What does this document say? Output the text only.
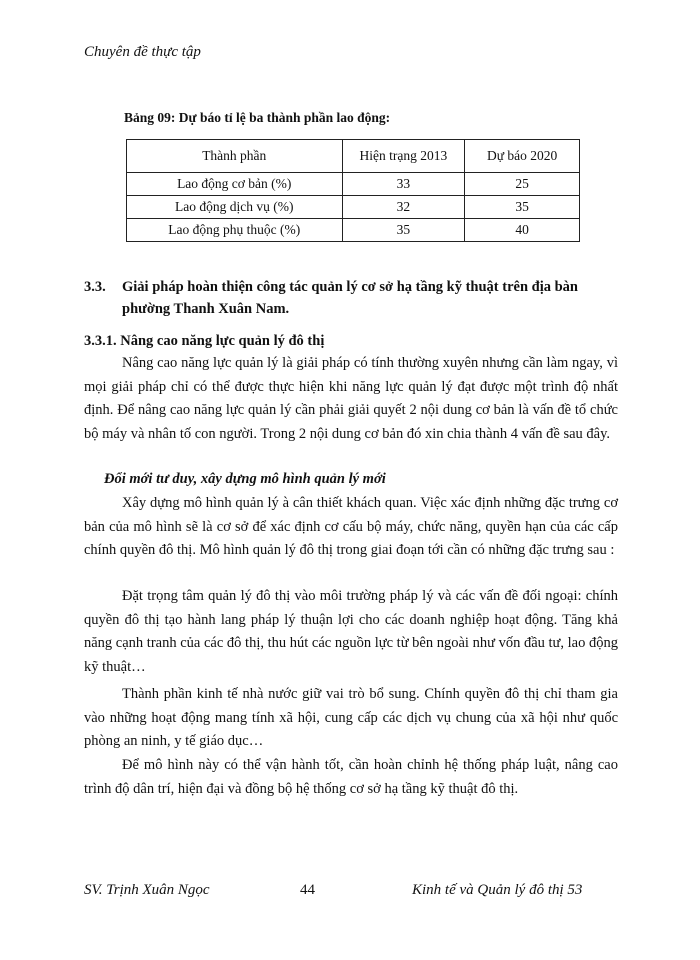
Chuyên đề thực tập
Bảng 09: Dự báo tỉ lệ ba thành phần lao động:
Thành phần	Hiện trạng 2013	Dự báo 2020
Lao động cơ bản (%)	33	25
Lao động dịch vụ (%)	32	35
Lao động phụ thuộc (%)	35	40
3.3. Giải pháp hoàn thiện công tác quản lý cơ sở hạ tầng kỹ thuật trên địa bàn phường Thanh Xuân Nam.
3.3.1. Nâng cao năng lực quản lý đô thị

Nâng cao năng lực quản lý là giải pháp có tính thường xuyên nhưng cần làm ngay, vì mọi giải pháp chỉ có thể được thực hiện khi năng lực quản lý đạt được một trình độ nhất định. Để nâng cao năng lực quản lý cần phải giải quyết 2 nội dung cơ bản là vấn đề tổ chức bộ máy và nhân tố con người. Trong 2 nội dung cơ bản đó xin chia thành 4 vấn đề sau đây.

Đổi mới tư duy, xây dựng mô hình quản lý mới

Xây dựng mô hình quản lý à cân thiết khách quan. Việc xác định những đặc trưng cơ bản của mô hình sẽ là cơ sở để xác định cơ cấu bộ máy, chức năng, quyền hạn của các cấp chính quyền đô thị. Mô hình quản lý đô thị trong giai đoạn tới cần có những đặc trưng sau :

Đặt trọng tâm quản lý đô thị vào môi trường pháp lý và các vấn đề đối ngoại: chính quyền đô thị tạo hành lang pháp lý thuận lợi cho các doanh nghiệp hoạt động. Tăng khả năng cạnh tranh của các đô thị, thu hút các nguồn lực từ bên ngoài như vốn đầu tư, lao động kỹ thuật…

Thành phần kinh tế nhà nước giữ vai trò bổ sung. Chính quyền đô thị chỉ tham gia vào những hoạt động mang tính xã hội, cung cấp các dịch vụ chung của xã hội như quốc phòng an ninh, y tế giáo dục…

Để mô hình này có thể vận hành tốt, cần hoàn chỉnh hệ thống pháp luật, nâng cao trình độ dân trí, hiện đại và đồng bộ hệ thống cơ sở hạ tầng kỹ thuật đô thị.

SV. Trịnh Xuân Ngọc	44	Kinh tế và Quản lý đô thị 53
